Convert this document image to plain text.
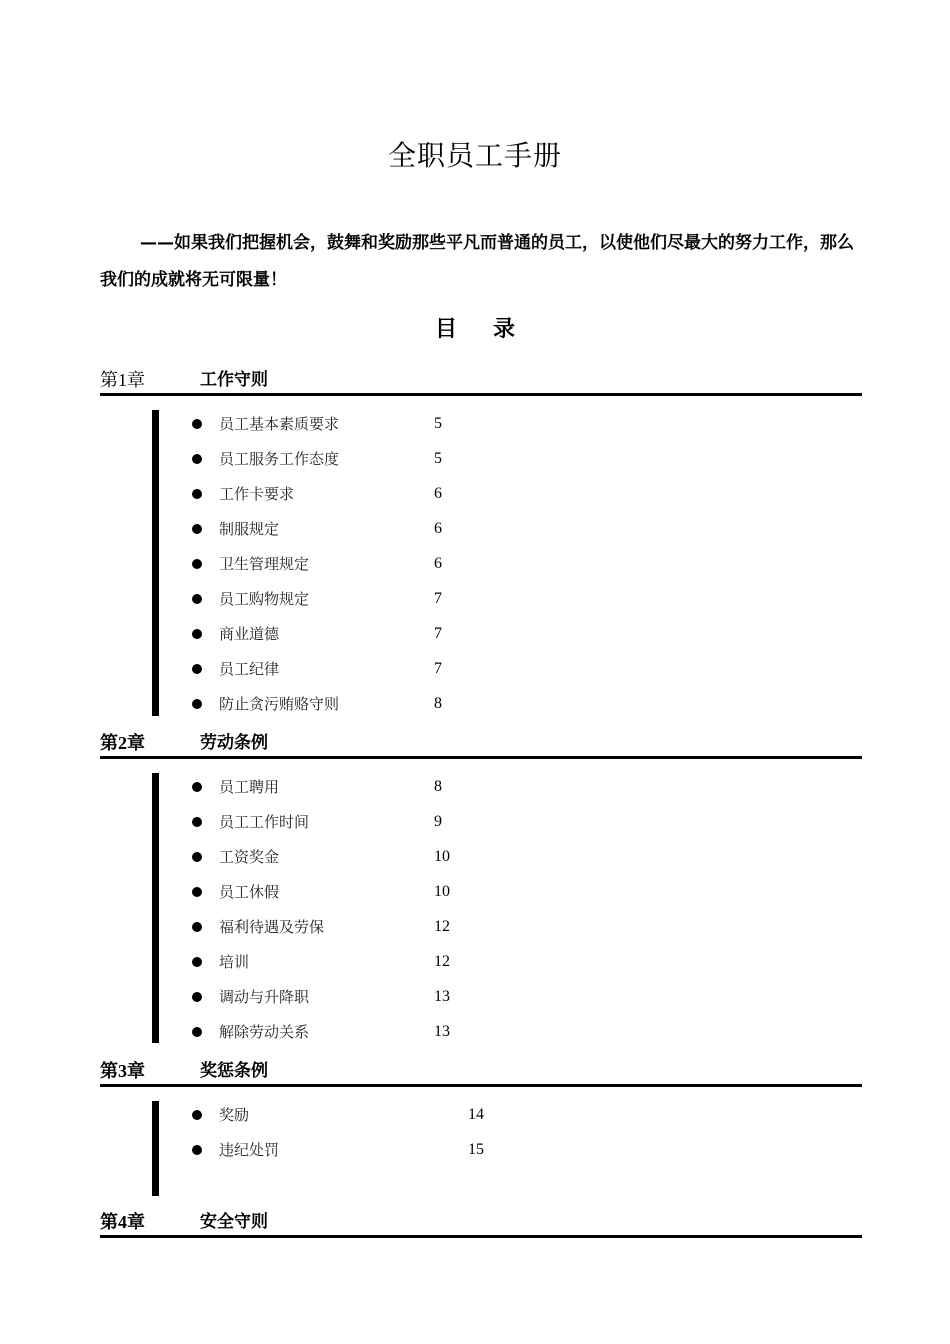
全职员工手册
——如果我们把握机会，鼓舞和奖励那些平凡而普通的员工，以使他们尽最大的努力工作，那么我们的成就将无可限量！
目录
第1章	工作守则
员工基本素质要求	5
员工服务工作态度	5
工作卡要求	6
制服规定	6
卫生管理规定	6
员工购物规定	7
商业道德	7
员工纪律	7
防止贪污贿赂守则	8
第2章	劳动条例
员工聘用	8
员工工作时间	9
工资奖金	10
员工休假	10
福利待遇及劳保	12
培训	12
调动与升降职	13
解除劳动关系	13
第3章	奖惩条例
奖励	14
违纪处罚	15
第4章	安全守则
